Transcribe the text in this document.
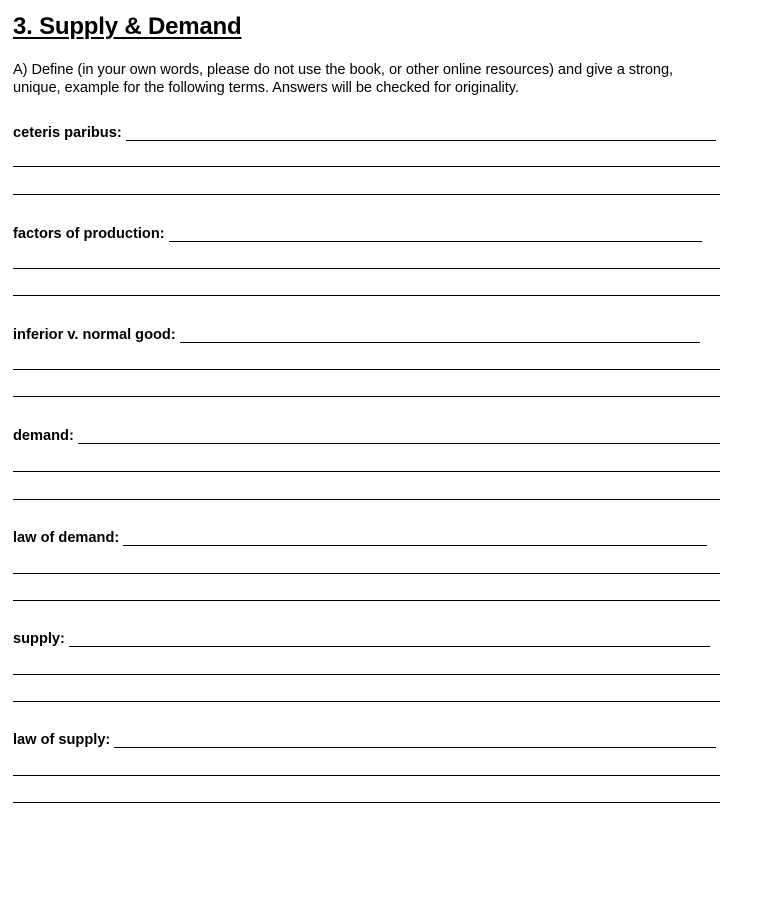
3. Supply & Demand
A) Define (in your own words, please do not use the book, or other online resources) and give a strong, unique, example for the following terms. Answers will be checked for originality.
ceteris paribus:
factors of production:
inferior v. normal good:
demand:
law of demand:
supply:
law of supply:
